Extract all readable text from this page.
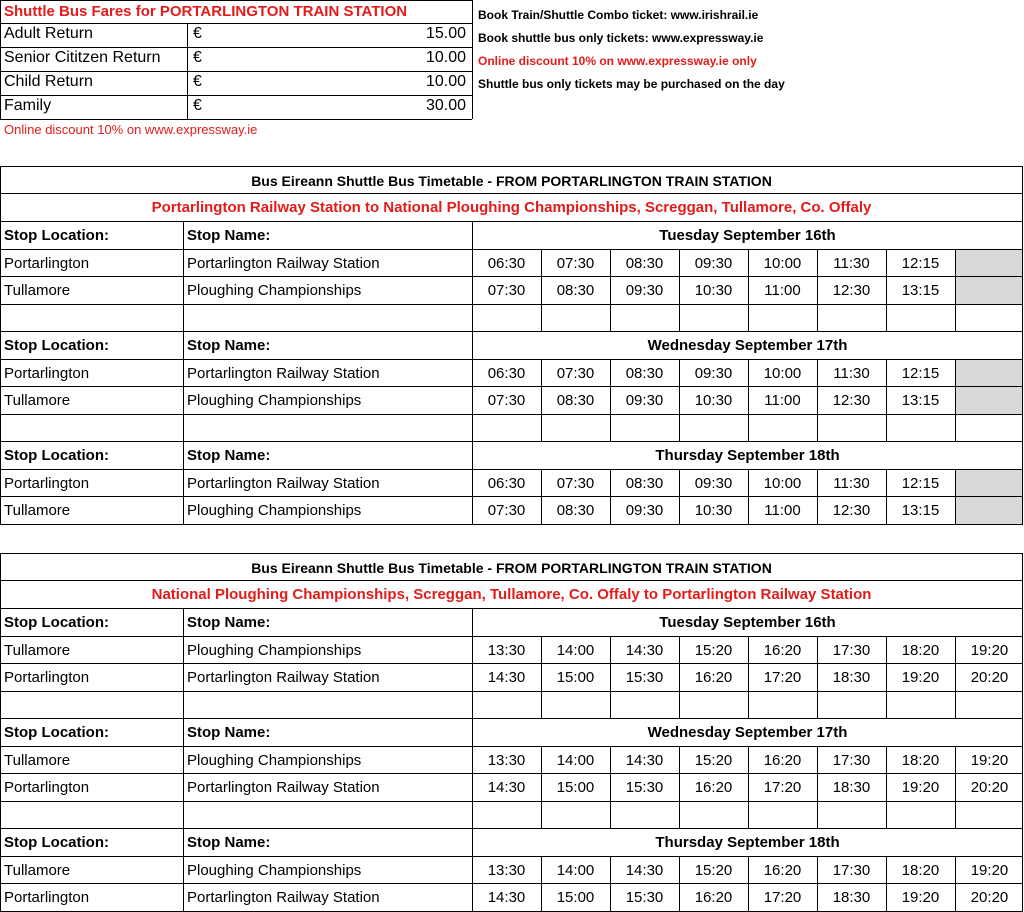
Shuttle Bus Fares for PORTARLINGTON TRAIN STATION
Adult Return	€	15.00
Senior Cititzen Return €	10.00
Child Return	€	10.00
Family	€	30.00
Online discount 10% on www.expressway.ie
Book Train/Shuttle Combo ticket: www.irishrail.ie
Book shuttle bus only tickets: www.expressway.ie
Online discount 10% on www.expressway.ie only
Shuttle bus only tickets may be purchased on the day
Bus Eireann Shuttle Bus Timetable - FROM PORTARLINGTON TRAIN STATION
Portarlington Railway Station to National Ploughing Championships, Screggan, Tullamore, Co. Offaly
Stop Location:	Stop Name:	Tuesday September 16th
Portarlington	Portarlington Railway Station	06:30	07:30	08:30	09:30	10:00	11:30	12:15
Tullamore	Ploughing Championships	07:30	08:30	09:30	10:30	11:00	12:30	13:15
Stop Location:	Stop Name:	Wednesday September 17th
Portarlington	Portarlington Railway Station	06:30	07:30	08:30	09:30	10:00	11:30	12:15
Tullamore	Ploughing Championships	07:30	08:30	09:30	10:30	11:00	12:30	13:15
Stop Location:	Stop Name:	Thursday September 18th
Portarlington	Portarlington Railway Station	06:30	07:30	08:30	09:30	10:00	11:30	12:15
Tullamore	Ploughing Championships	07:30	08:30	09:30	10:30	11:00	12:30	13:15
Bus Eireann Shuttle Bus Timetable - FROM PORTARLINGTON TRAIN STATION
National Ploughing Championships, Screggan, Tullamore, Co. Offaly to Portarlington Railway Station
Stop Location:	Stop Name:	Tuesday September 16th
Tullamore	Ploughing Championships	13:30	14:00	14:30	15:20	16:20	17:30	18:20	19:20
Portarlington	Portarlington Railway Station	14:30	15:00	15:30	16:20	17:20	18:30	19:20	20:20
Stop Location:	Stop Name:	Wednesday September 17th
Tullamore	Ploughing Championships	13:30	14:00	14:30	15:20	16:20	17:30	18:20	19:20
Portarlington	Portarlington Railway Station	14:30	15:00	15:30	16:20	17:20	18:30	19:20	20:20
Stop Location:	Stop Name:	Thursday September 18th
Tullamore	Ploughing Championships	13:30	14:00	14:30	15:20	16:20	17:30	18:20	19:20
Portarlington	Portarlington Railway Station	14:30	15:00	15:30	16:20	17:20	18:30	19:20	20:20
